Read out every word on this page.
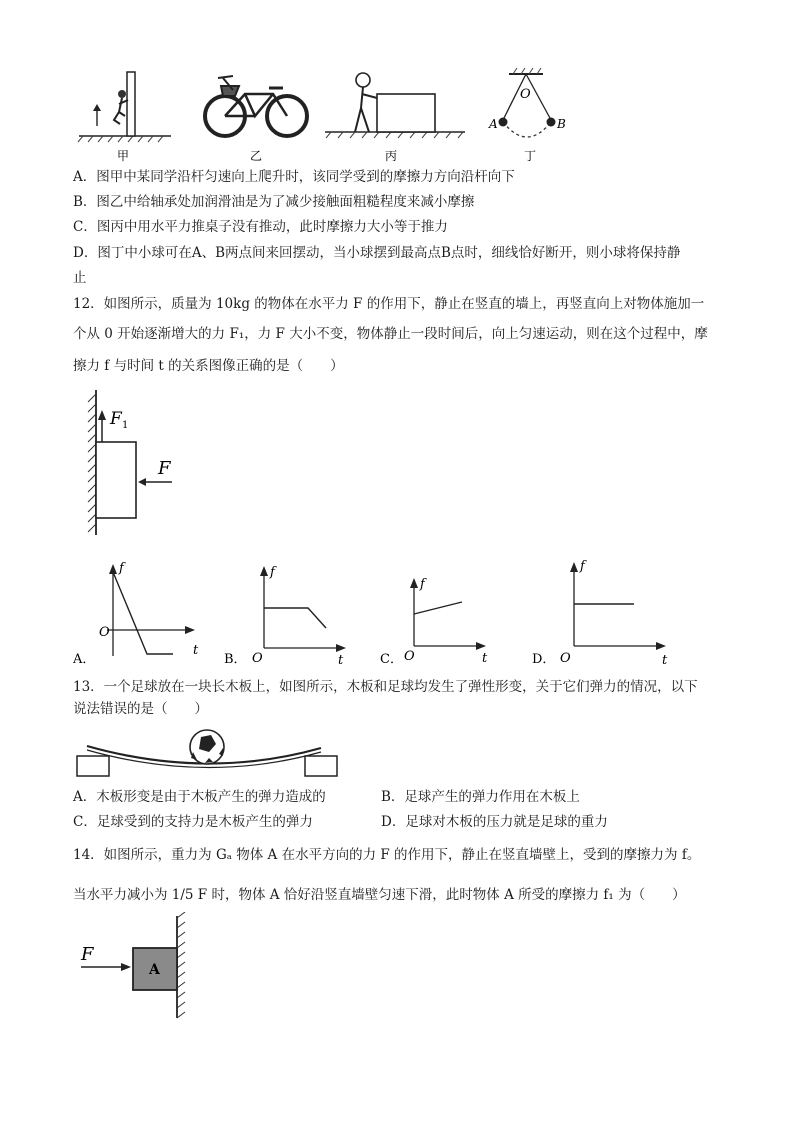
O
A	B
甲	乙	丙	丁
A．图甲中某同学沿杆匀速向上爬升时，该同学受到的摩擦力方向沿杆向下
B．图乙中给轴承处加润滑油是为了减少接触面粗糙程度来减小摩擦
C．图丙中用水平力推桌子没有推动，此时摩擦力大小等于推力
D．图丁中小球可在A、B两点间来回摆动，当小球摆到最高点B点时，细线恰好断开，则小球将保持静
止
12．如图所示，质量为 10kg 的物体在水平力 F 的作用下，静止在竖直的墙上，再竖直向上对物体施加一
个从 0 开始逐渐增大的力 F₁，力 F 大小不变，物体静止一段时间后，向上匀速运动，则在这个过程中，摩
擦力 f 与时间 t 的关系图像正确的是（　　）
F 1
F
f
O
t
A．
f
O	t
B．
f
O	t
C．
f
O	t
D．
13．一个足球放在一块长木板上，如图所示，木板和足球均发生了弹性形变，关于它们弹力的情况，以下
说法错误的是（　　）
A．木板形变是由于木板产生的弹力造成的	B．足球产生的弹力作用在木板上
C．足球受到的支持力是木板产生的弹力	D．足球对木板的压力就是足球的重力
14．如图所示，重力为 Gₐ 物体 A 在水平方向的力 F 的作用下，静止在竖直墙壁上，受到的摩擦力为 f。
当水平力减小为 1/5 F 时，物体 A 恰好沿竖直墙壁匀速下滑，此时物体 A 所受的摩擦力 f₁ 为（　　）
F
A
